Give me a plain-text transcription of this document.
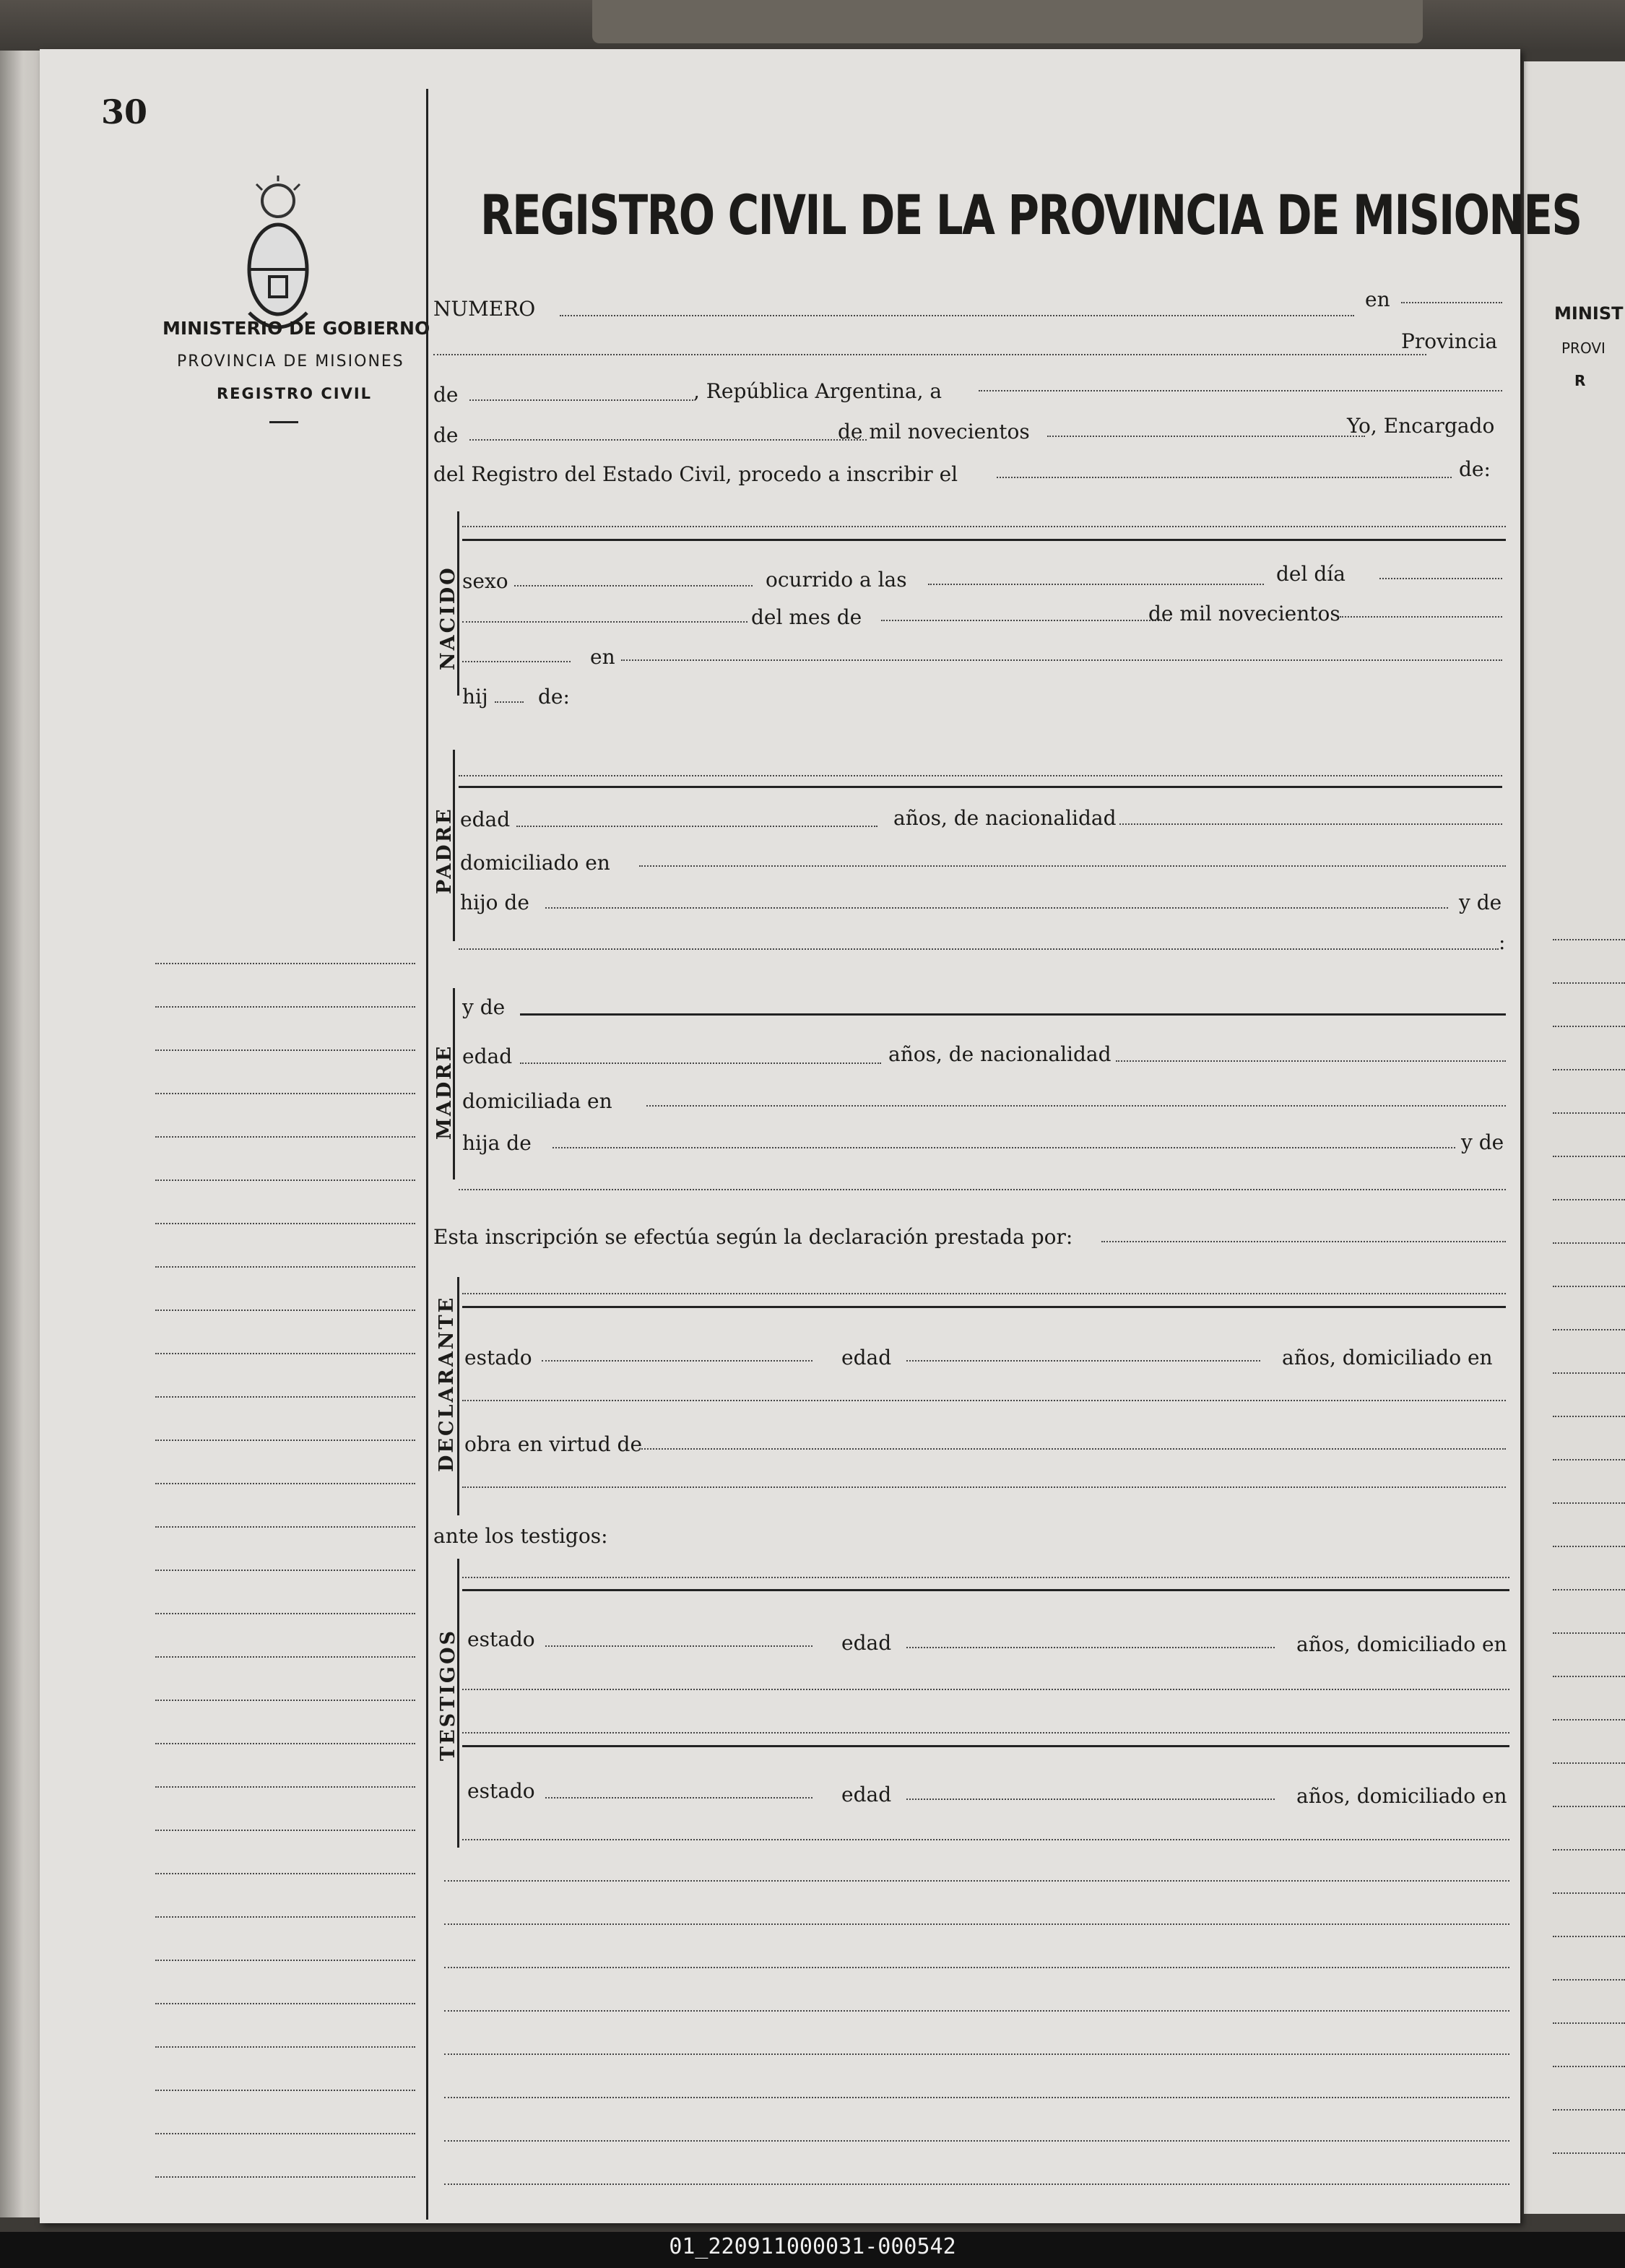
MINIST
PROVI
R
30
MINISTERIO DE GOBIERNO
PROVINCIA DE MISIONES
REGISTRO CIVIL
REGISTRO CIVIL DE LA PROVINCIA DE MISIONES
NUMERO	en
Provincia
de	, República Argentina, a
de	de mil novecientos	Yo, Encargado
del Registro del Estado Civil, procedo a inscribir el	de:
NACIDO sexo	ocurrido a las	del día
del mes de	de mil novecientos
en
hij de:
PADRE edad	años, de nacionalidad
domiciliado en
hijo de	y de
:
MADRE
y de
edad	años, de nacionalidad
domiciliada en
hija de	y de
Esta inscripción se efectúa según la declaración prestada por:
DECLARANTE estado	edad	años, domiciliado en
obra en virtud de
ante los testigos:
TESTIGOS estado	edad	años, domiciliado en
estado	edad	años, domiciliado en
01_220911000031-000542
